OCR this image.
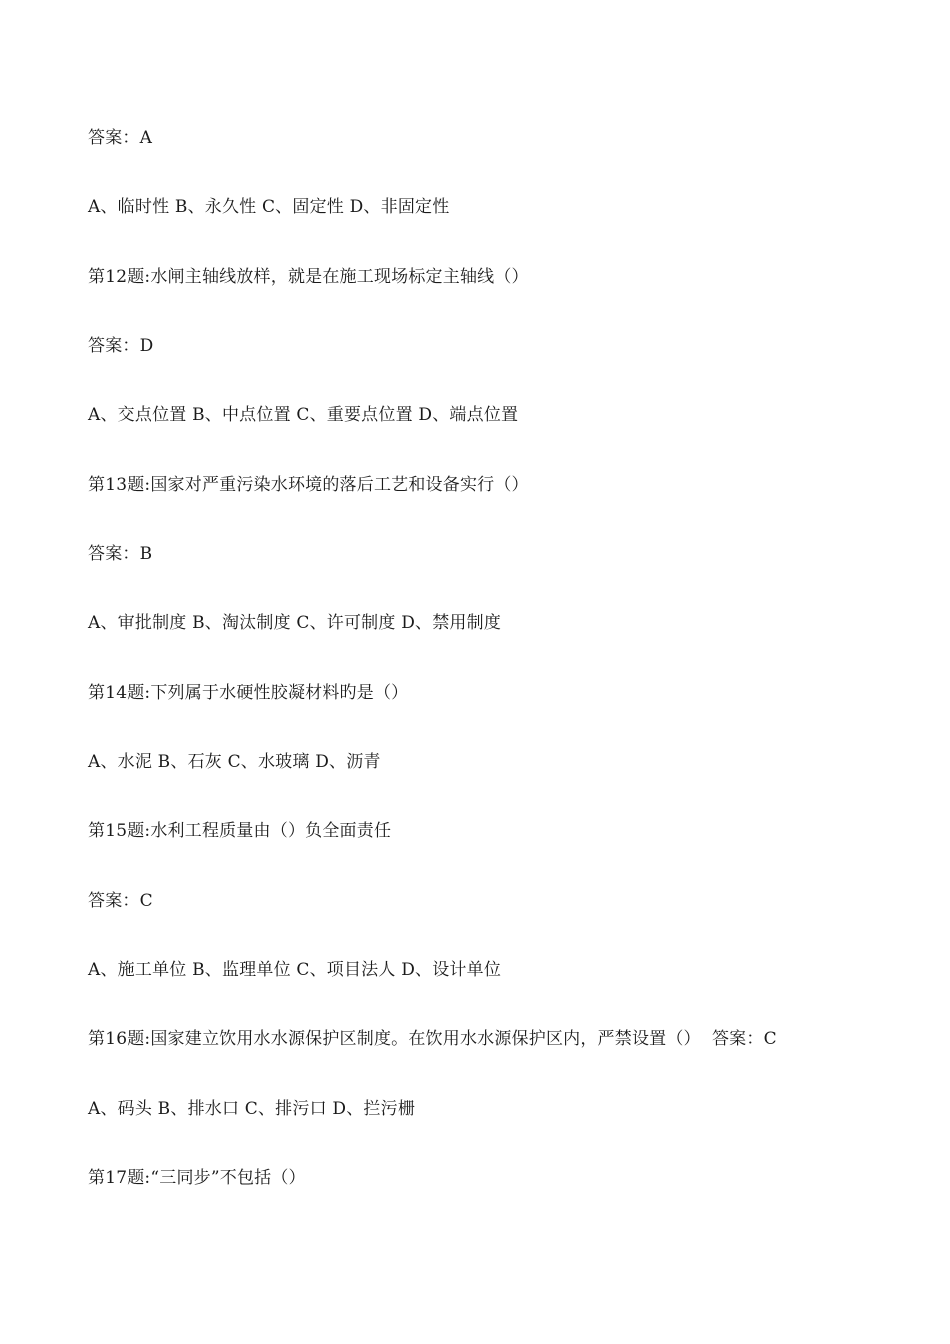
答案：A
A、临时性 B、永久性 C、固定性 D、非固定性
第12题:水闸主轴线放样，就是在施工现场标定主轴线（）
答案：D
A、交点位置 B、中点位置 C、重要点位置 D、端点位置
第13题:国家对严重污染水环境的落后工艺和设备实行（）
答案：B
A、审批制度 B、淘汰制度 C、许可制度 D、禁用制度
第14题:下列属于水硬性胶凝材料旳是（）
A、水泥 B、石灰 C、水玻璃 D、沥青
第15题:水利工程质量由（）负全面责任
答案：C
A、施工单位 B、监理单位 C、项目法人 D、设计单位
第16题:国家建立饮用水水源保护区制度。在饮用水水源保护区内，严禁设置（）  答案：C
A、码头 B、排水口 C、排污口 D、拦污栅
第17题:“三同步”不包括（）
